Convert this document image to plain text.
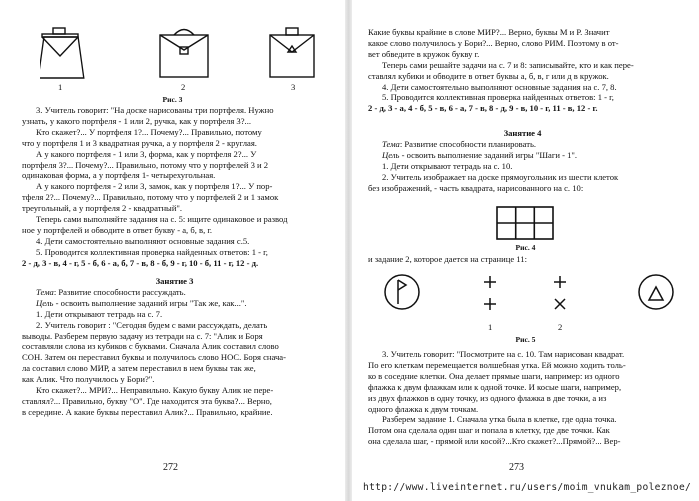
1	2	3
Рис. 3

3. Учитель говорит: "На доске нарисованы три портфеля. Нужно

узнать, у какого портфеля - 1 или 2, ручка, как у портфеля 3?...

Кто скажет?... У портфеля 1?... Почему?... Правильно, потому

что у портфеля 1 и 3 квадратная ручка, а у портфеля 2 - круглая.

А у какого портфеля - 1 или 3, форма, как у портфеля 2?... У

портфеля 3?... Почему?... Правильно, потому что у портфелей 3 и 2

одинаковая форма, а у портфеля 1- четырехугольная.

А у какого портфеля - 2 или 3, замок, как у портфеля 1?... У пор-

тфеля 2?... Почему?... Правильно, потому что у портфелей 2 и 1 замок

треугольный, а у портфеля 2 - квадратный".

Теперь сами выполняйте задания на с. 5: ищите одинаковое и развод

ное у портфелей и обводите в ответ букву - а, б, в, г.

4. Дети самостоятельно выполняют основные задания с.5.

5. Проводится коллективная проверка найденных ответов: 1 - г,

2 - д, 3 - в, 4 - г, 5 - б, 6 - а, б, 7 - в, 8 - б, 9 - г, 10 - б, 11 - г, 12 - д.

Занятие 3

Тема: Развитие способности рассуждать.

Цель - освоить выполнение заданий игры "Так же, как...".

1. Дети открывают тетрадь на с. 7.

2. Учитель говорит : "Сегодня будем с вами рассуждать, делать

выводы. Разберем первую задачу из тетради на с. 7: "Алик и Боря

составляли слова из кубиков с буквами. Сначала Алик составил слово

СОН. Затем он переставил буквы и получилось слово НОС. Боря снача-

ла составил слово МИР, а затем переставил в нем буквы так же,

как Алик. Что получилось у Бори?".

Кто скажет?... МРИ?... Неправильно. Какую букву Алик не пере-

ставлял?... Правильно, букву "О". Где находится эта буква?... Верно,

в середине. А какие буквы переставил Алик?... Правильно, крайние.

272

Какие буквы крайние в слове МИР?... Верно, буквы М и Р. Значит

какое слово получилось у Бори?... Верно, слово РИМ. Поэтому в от-

вет обведите в кружок букву г.

Теперь сами решайте задачи на с. 7 и 8: записывайте, кто и как пере-

ставлял кубики и обводите в ответ буквы а, б, в, г или д в кружок.

4. Дети самостоятельно выполняют основные задания на с. 7, 8.

5. Проводится коллективная проверка найденных ответов: 1 - г,

2 - д, 3 - а, 4 - б, 5 - в, 6 - а, 7 - в, 8 - д, 9 - в, 10 - г, 11 - в, 12 - г.

Занятие 4

Тема: Развитие способности планировать.

Цель - освоить выполнение заданий игры "Шаги - 1".

1. Дети открывают тетрадь на с. 10.

2. Учитель изображает на доске прямоугольник из шести клеток

без изображений, - часть квадрата, нарисованного на с. 10:

Рис. 4

и задание 2, которое дается на странице 11:

1	2
Рис. 5

3. Учитель говорит: "Посмотрите на с. 10. Там нарисован квадрат.

По его клеткам перемещается волшебная утка. Ей можно ходить толь-

ко в соседние клетки. Она делает прямые шаги, например: из одного

флажка к двум флажкам или к одной точке. И косые шаги, например,

из двух флажков в одну точку, из одного флажка в две точки, а из

одного флажка к двум точкам.

Разберем задание 1. Сначала утка была в клетке, где одна точка.

Потом она сделала один шаг и попала в клетку, где две точки. Как

она сделала шаг, - прямой или косой?...Кто скажет?...Прямой?... Вер-

273
http://www.liveinternet.ru/users/moim_vnukam_poleznoe/
